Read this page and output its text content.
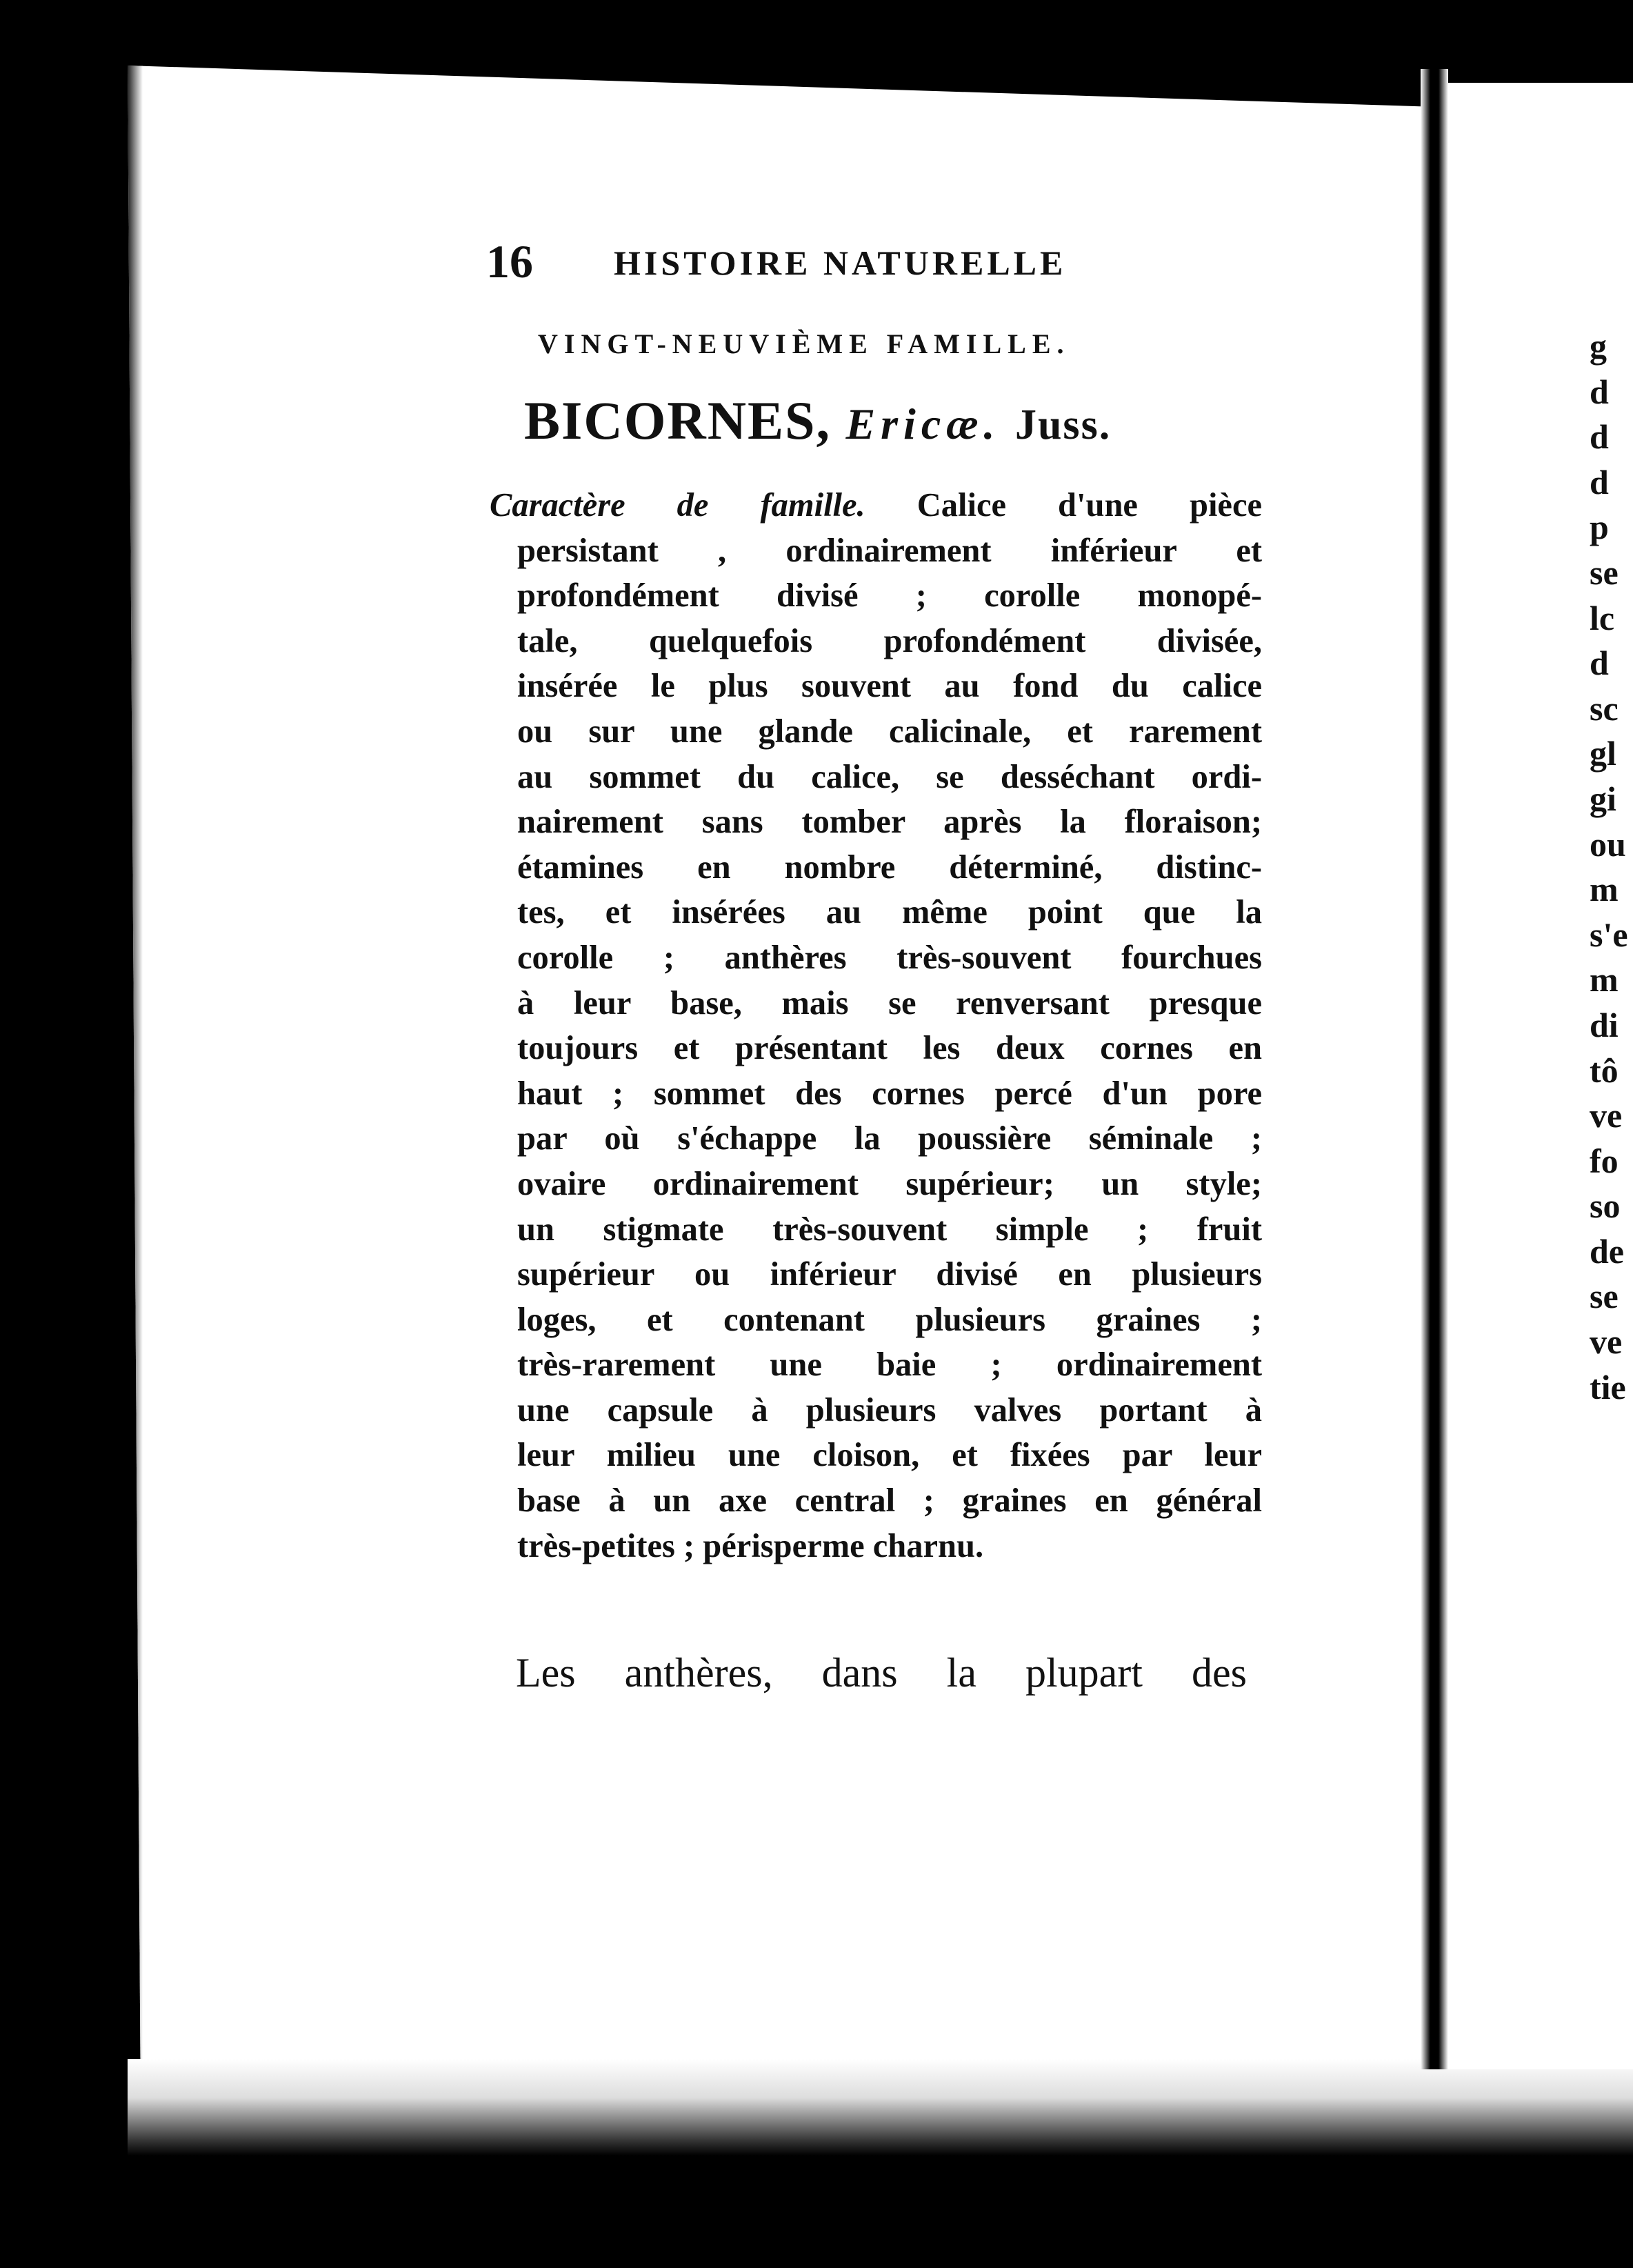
16 HISTOIRE NATURELLE
VINGT-NEUVIÈME FAMILLE.
BICORNES, Ericæ. Juss.
Caractère de famille. Calice d'une pièce
persistant , ordinairement inférieur et
profondément divisé ; corolle monopé-
tale, quelquefois profondément divisée,
insérée le plus souvent au fond du calice
ou sur une glande calicinale, et rarement
au sommet du calice, se desséchant ordi-
nairement sans tomber après la floraison;
étamines en nombre déterminé, distinc-
tes, et insérées au même point que la
corolle ; anthères très-souvent fourchues
à leur base, mais se renversant presque
toujours et présentant les deux cornes en
haut ; sommet des cornes percé d'un pore
par où s'échappe la poussière séminale ;
ovaire ordinairement supérieur; un style;
un stigmate très-souvent simple ; fruit
supérieur ou inférieur divisé en plusieurs
loges, et contenant plusieurs graines ;
très-rarement une baie ; ordinairement
une capsule à plusieurs valves portant à
leur milieu une cloison, et fixées par leur
base à un axe central ; graines en général
très-petites ; périsperme charnu.
Les anthères, dans la plupart des
g
d
d
d
p
se
lc
d
sc
gl
gi
ou
m
s'e
m
di
tô
ve
fo
so
de
se
ve
tie
